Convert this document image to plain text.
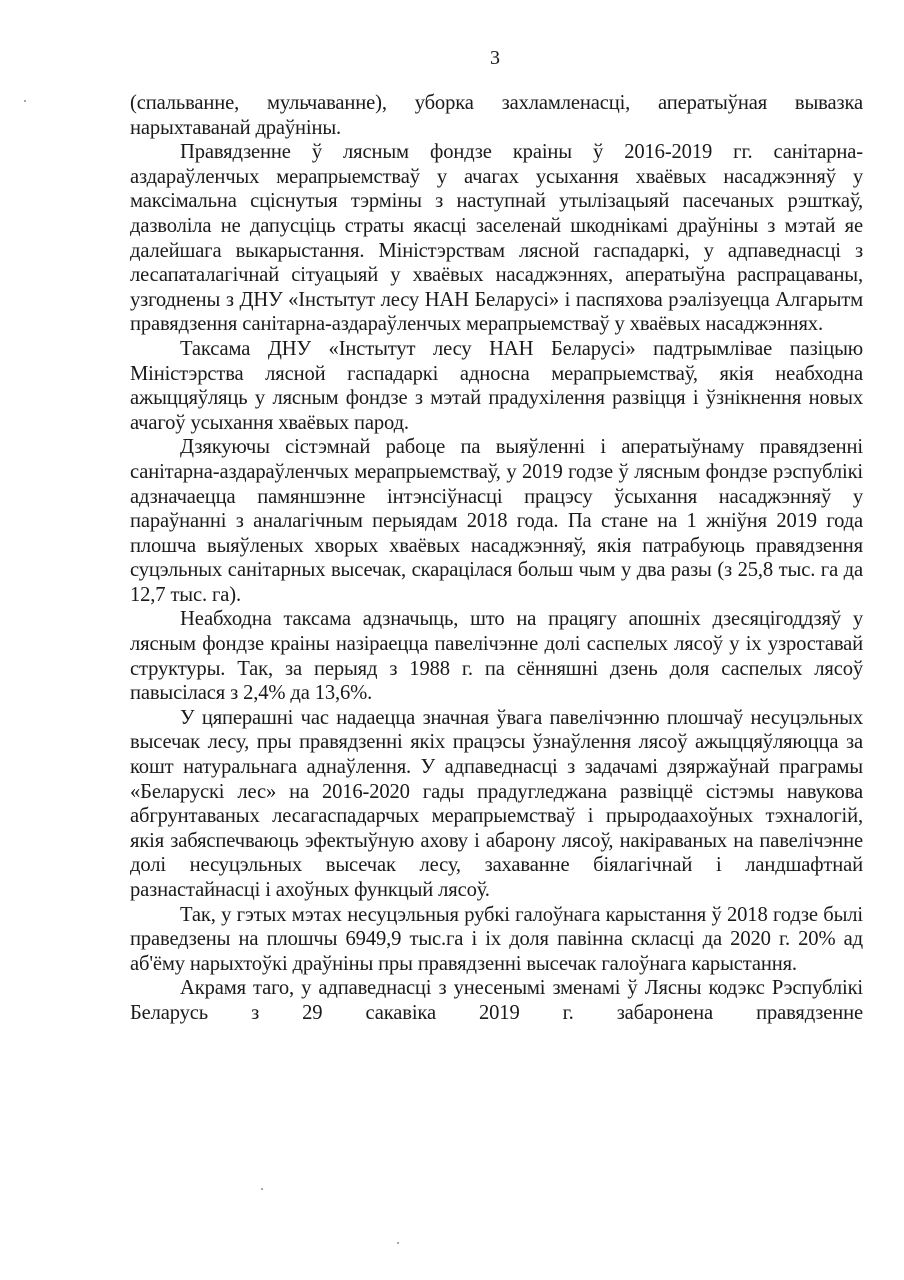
3

(спальванне, мульчаванне), уборка захламленасці, аператыўная вывазка нарыхтаванай драўніны.

Правядзенне ў лясным фондзе краіны ў 2016-2019 гг. санітарна-аздараўленчых мерапрыемстваў у ачагах усыхання хваёвых насаджэнняў у максімальна сціснутыя тэрміны з наступнай утылізацыяй пасечаных рэшткаў, дазволіла не дапусціць страты якасці заселенай шкоднікамі драўніны з мэтай яе далейшага выкарыстання. Міністэрствам лясной гаспадаркі, у адпаведнасці з лесапаталагічнай сітуацыяй у хваёвых насаджэннях, аператыўна распрацаваны, узгоднены з ДНУ «Інстытут лесу НАН Беларусі» і паспяхова рэалізуецца Алгарытм правядзення санітарна-аздараўленчых мерапрыемстваў у хваёвых насаджэннях.

Таксама ДНУ «Інстытут лесу НАН Беларусі» падтрымлівае пазіцыю Міністэрства лясной гаспадаркі адносна мерапрыемстваў, якія неабходна ажыццяўляць у лясным фондзе з мэтай прадухілення развіцця і ўзнікнення новых ачагоў усыхання хваёвых парод.

Дзякуючы сістэмнай рабоце па выяўленні і аператыўнаму правядзенні санітарна-аздараўленчых мерапрыемстваў, у 2019 годзе ў лясным фондзе рэспублікі адзначаецца памяншэнне інтэнсіўнасці працэсу ўсыхання насаджэнняў у параўнанні з аналагічным перыядам 2018 года. Па стане на 1 жніўня 2019 года плошча выяўленых хворых хваёвых насаджэнняў, якія патрабуюць правядзення суцэльных санітарных высечак, скарацілася больш чым у два разы (з 25,8 тыс. га да 12,7 тыс. га).

Неабходна таксама адзначыць, што на працягу апошніх дзесяцігоддзяў у лясным фондзе краіны назіраецца павелічэнне долі саспелых лясоў у іх узроставай структуры. Так, за перыяд з 1988 г. па сённяшні дзень доля саспелых лясоў павысілася з 2,4% да 13,6%.

У цяперашні час надаецца значная ўвага павелічэнню плошчаў несуцэльных высечак лесу, пры правядзенні якіх працэсы ўзнаўлення лясоў ажыццяўляюцца за кошт натуральнага аднаўлення. У адпаведнасці з задачамі дзяржаўнай праграмы «Беларускі лес» на 2016-2020 гады прадугледжана развіццё сістэмы навукова абгрунтаваных лесагаспадарчых мерапрыемстваў і прыродаахоўных тэхналогій, якія забяспечваюць эфектыўную ахову і абарону лясоў, накіраваных на павелічэнне долі несуцэльных высечак лесу, захаванне біялагічнай і ландшафтнай разнастайнасці і ахоўных функцый лясоў.

Так, у гэтых мэтах несуцэльныя рубкі галоўнага карыстання ў 2018 годзе былі праведзены на плошчы 6949,9 тыс.га і іх доля павінна скласці да 2020 г. 20% ад аб'ёму нарыхтоўкі драўніны пры правядзенні высечак галоўнага карыстання.

Акрамя таго, у адпаведнасці з унесенымі зменамі ў Лясны кодэкс Рэспублікі Беларусь з 29 сакавіка 2019 г. забаронена правядзенне
